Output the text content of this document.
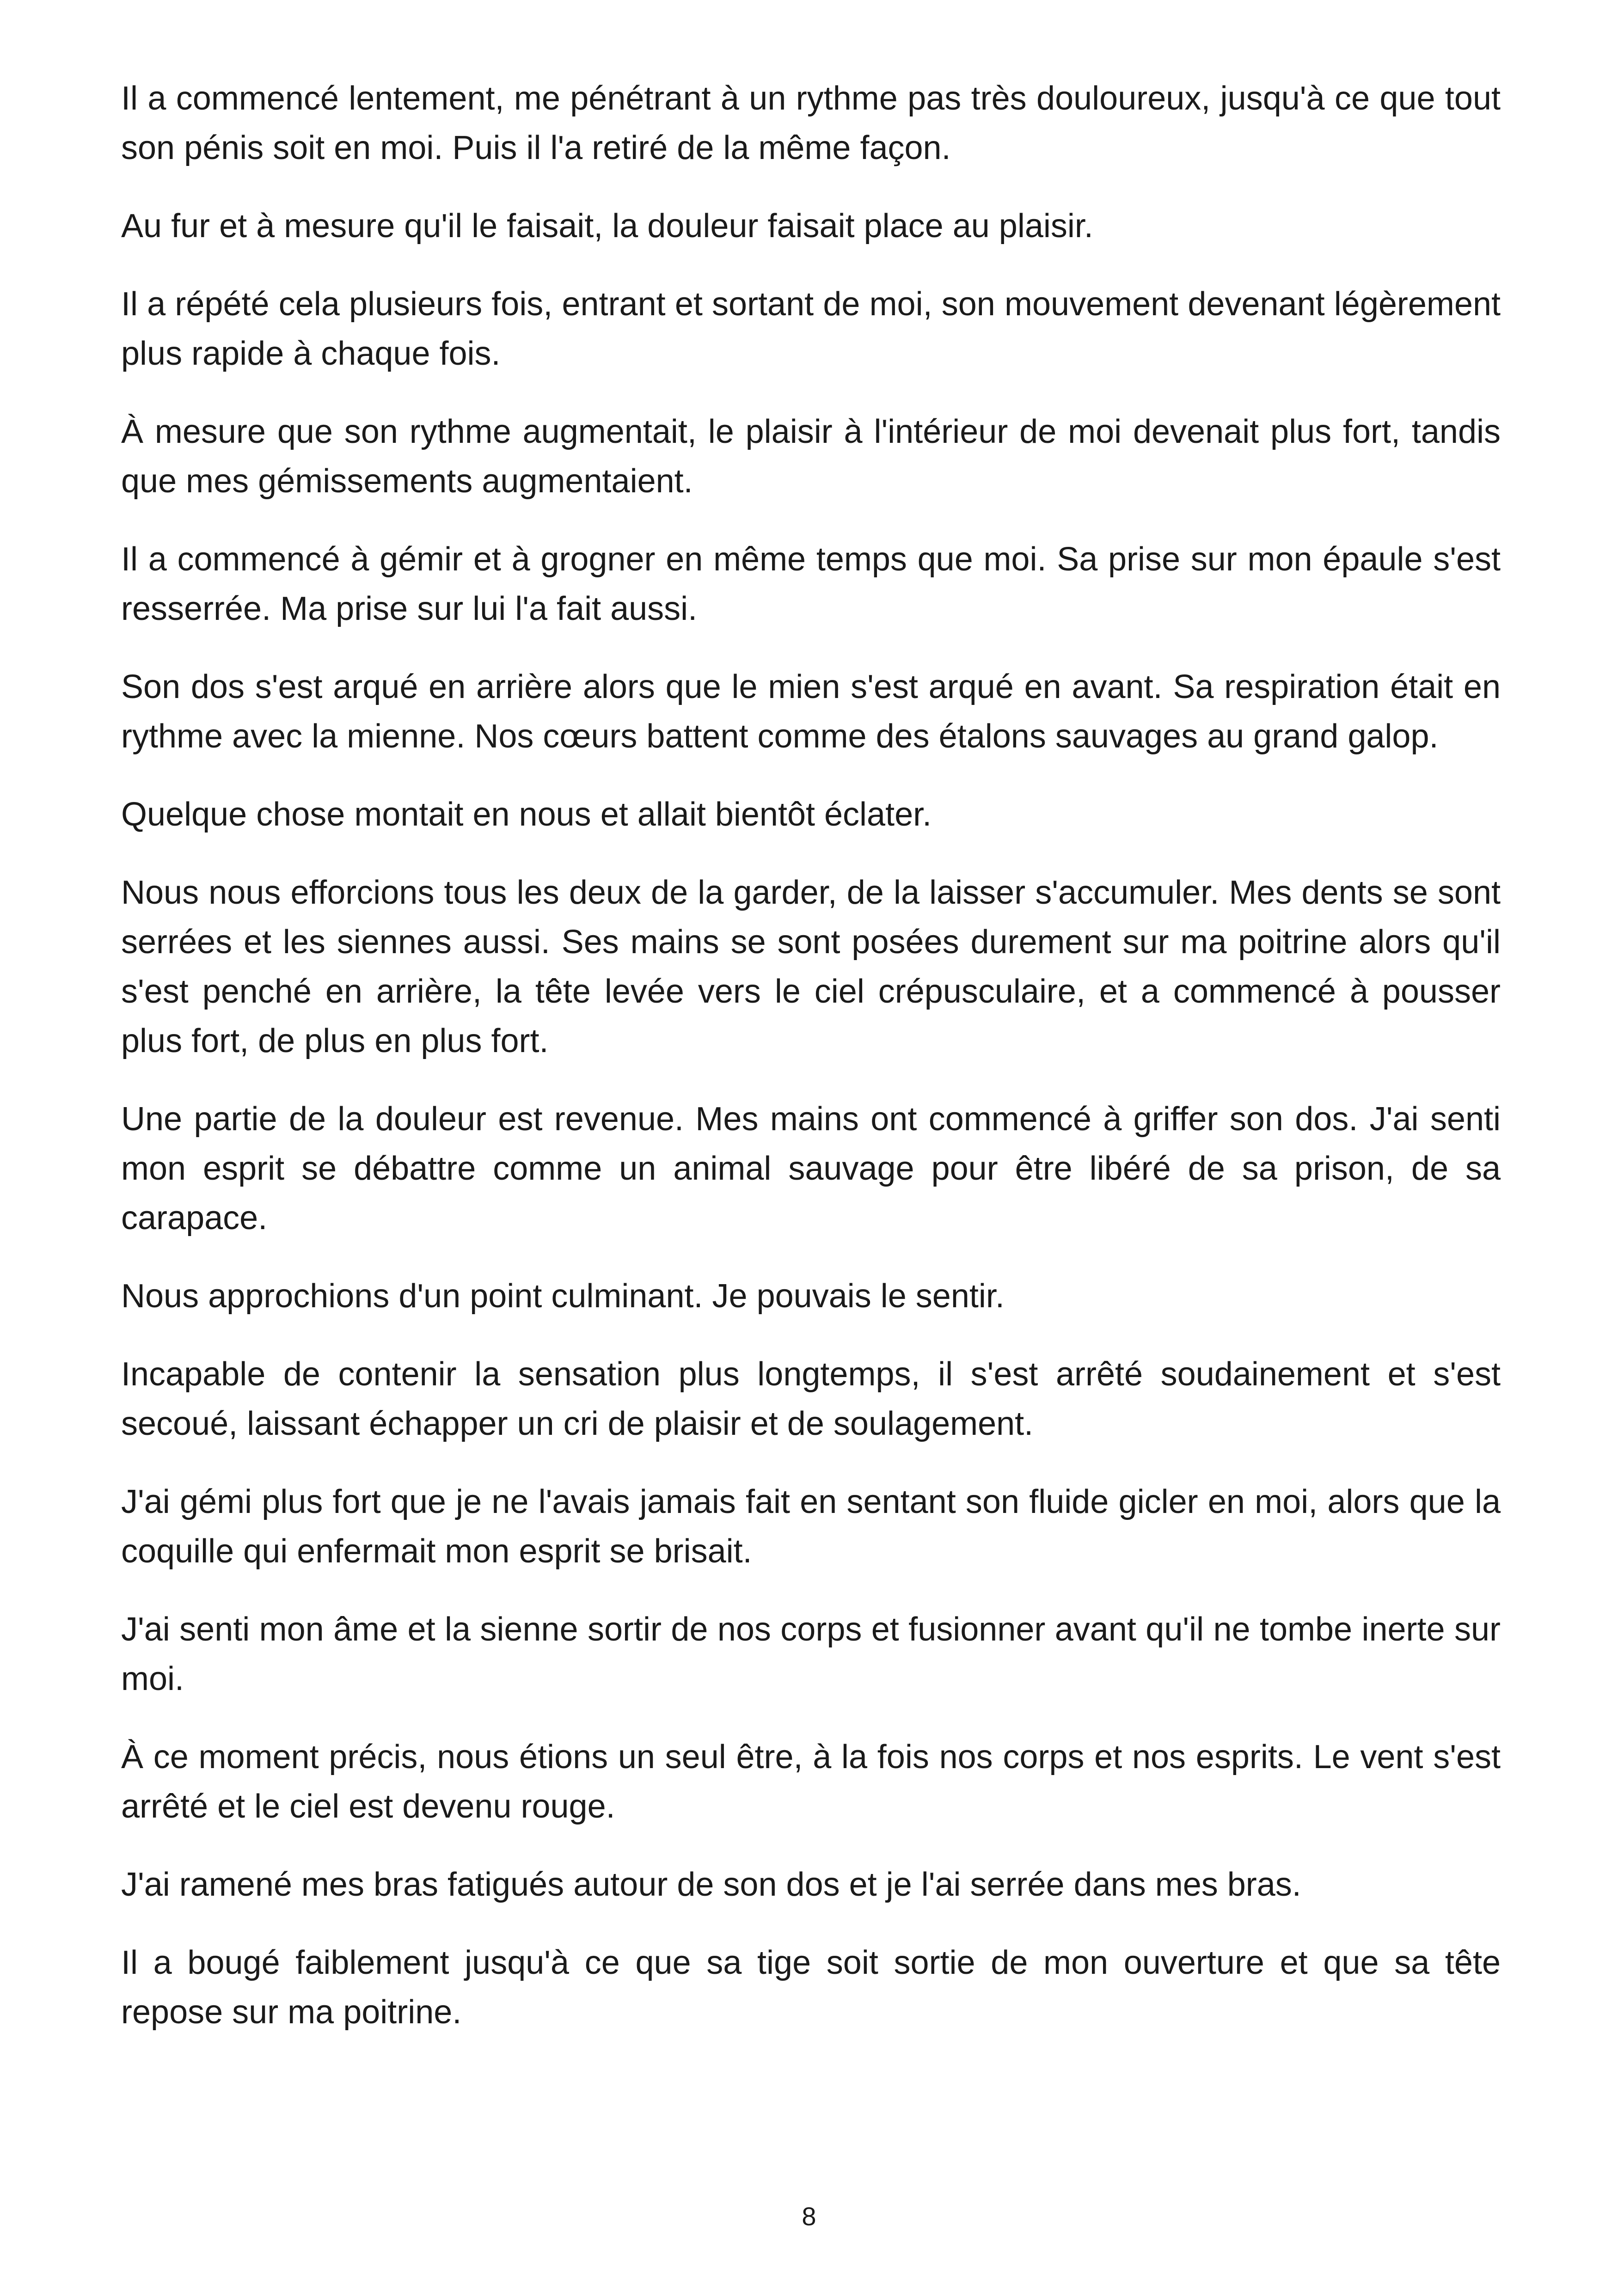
Il a commencé lentement, me pénétrant à un rythme pas très douloureux, jusqu'à ce que tout son pénis soit en moi. Puis il l'a retiré de la même façon.

Au fur et à mesure qu'il le faisait, la douleur faisait place au plaisir.

Il a répété cela plusieurs fois, entrant et sortant de moi, son mouvement devenant légèrement plus rapide à chaque fois.

À mesure que son rythme augmentait, le plaisir à l'intérieur de moi devenait plus fort, tandis que mes gémissements augmentaient.

Il a commencé à gémir et à grogner en même temps que moi. Sa prise sur mon épaule s'est resserrée. Ma prise sur lui l'a fait aussi.

Son dos s'est arqué en arrière alors que le mien s'est arqué en avant. Sa respiration était en rythme avec la mienne. Nos cœurs battent comme des étalons sauvages au grand galop.

Quelque chose montait en nous et allait bientôt éclater.

Nous nous efforcions tous les deux de la garder, de la laisser s'accumuler. Mes dents se sont serrées et les siennes aussi. Ses mains se sont posées durement sur ma poitrine alors qu'il s'est penché en arrière, la tête levée vers le ciel crépusculaire, et a commencé à pousser plus fort, de plus en plus fort.

Une partie de la douleur est revenue. Mes mains ont commencé à griffer son dos. J'ai senti mon esprit se débattre comme un animal sauvage pour être libéré de sa prison, de sa carapace.

Nous approchions d'un point culminant. Je pouvais le sentir.

Incapable de contenir la sensation plus longtemps, il s'est arrêté soudainement et s'est secoué, laissant échapper un cri de plaisir et de soulagement.

J'ai gémi plus fort que je ne l'avais jamais fait en sentant son fluide gicler en moi, alors que la coquille qui enfermait mon esprit se brisait.

J'ai senti mon âme et la sienne sortir de nos corps et fusionner avant qu'il ne tombe inerte sur moi.

À ce moment précis, nous étions un seul être, à la fois nos corps et nos esprits. Le vent s'est arrêté et le ciel est devenu rouge.

J'ai ramené mes bras fatigués autour de son dos et je l'ai serrée dans mes bras.

Il a bougé faiblement jusqu'à ce que sa tige soit sortie de mon ouverture et que sa tête repose sur ma poitrine.

8
